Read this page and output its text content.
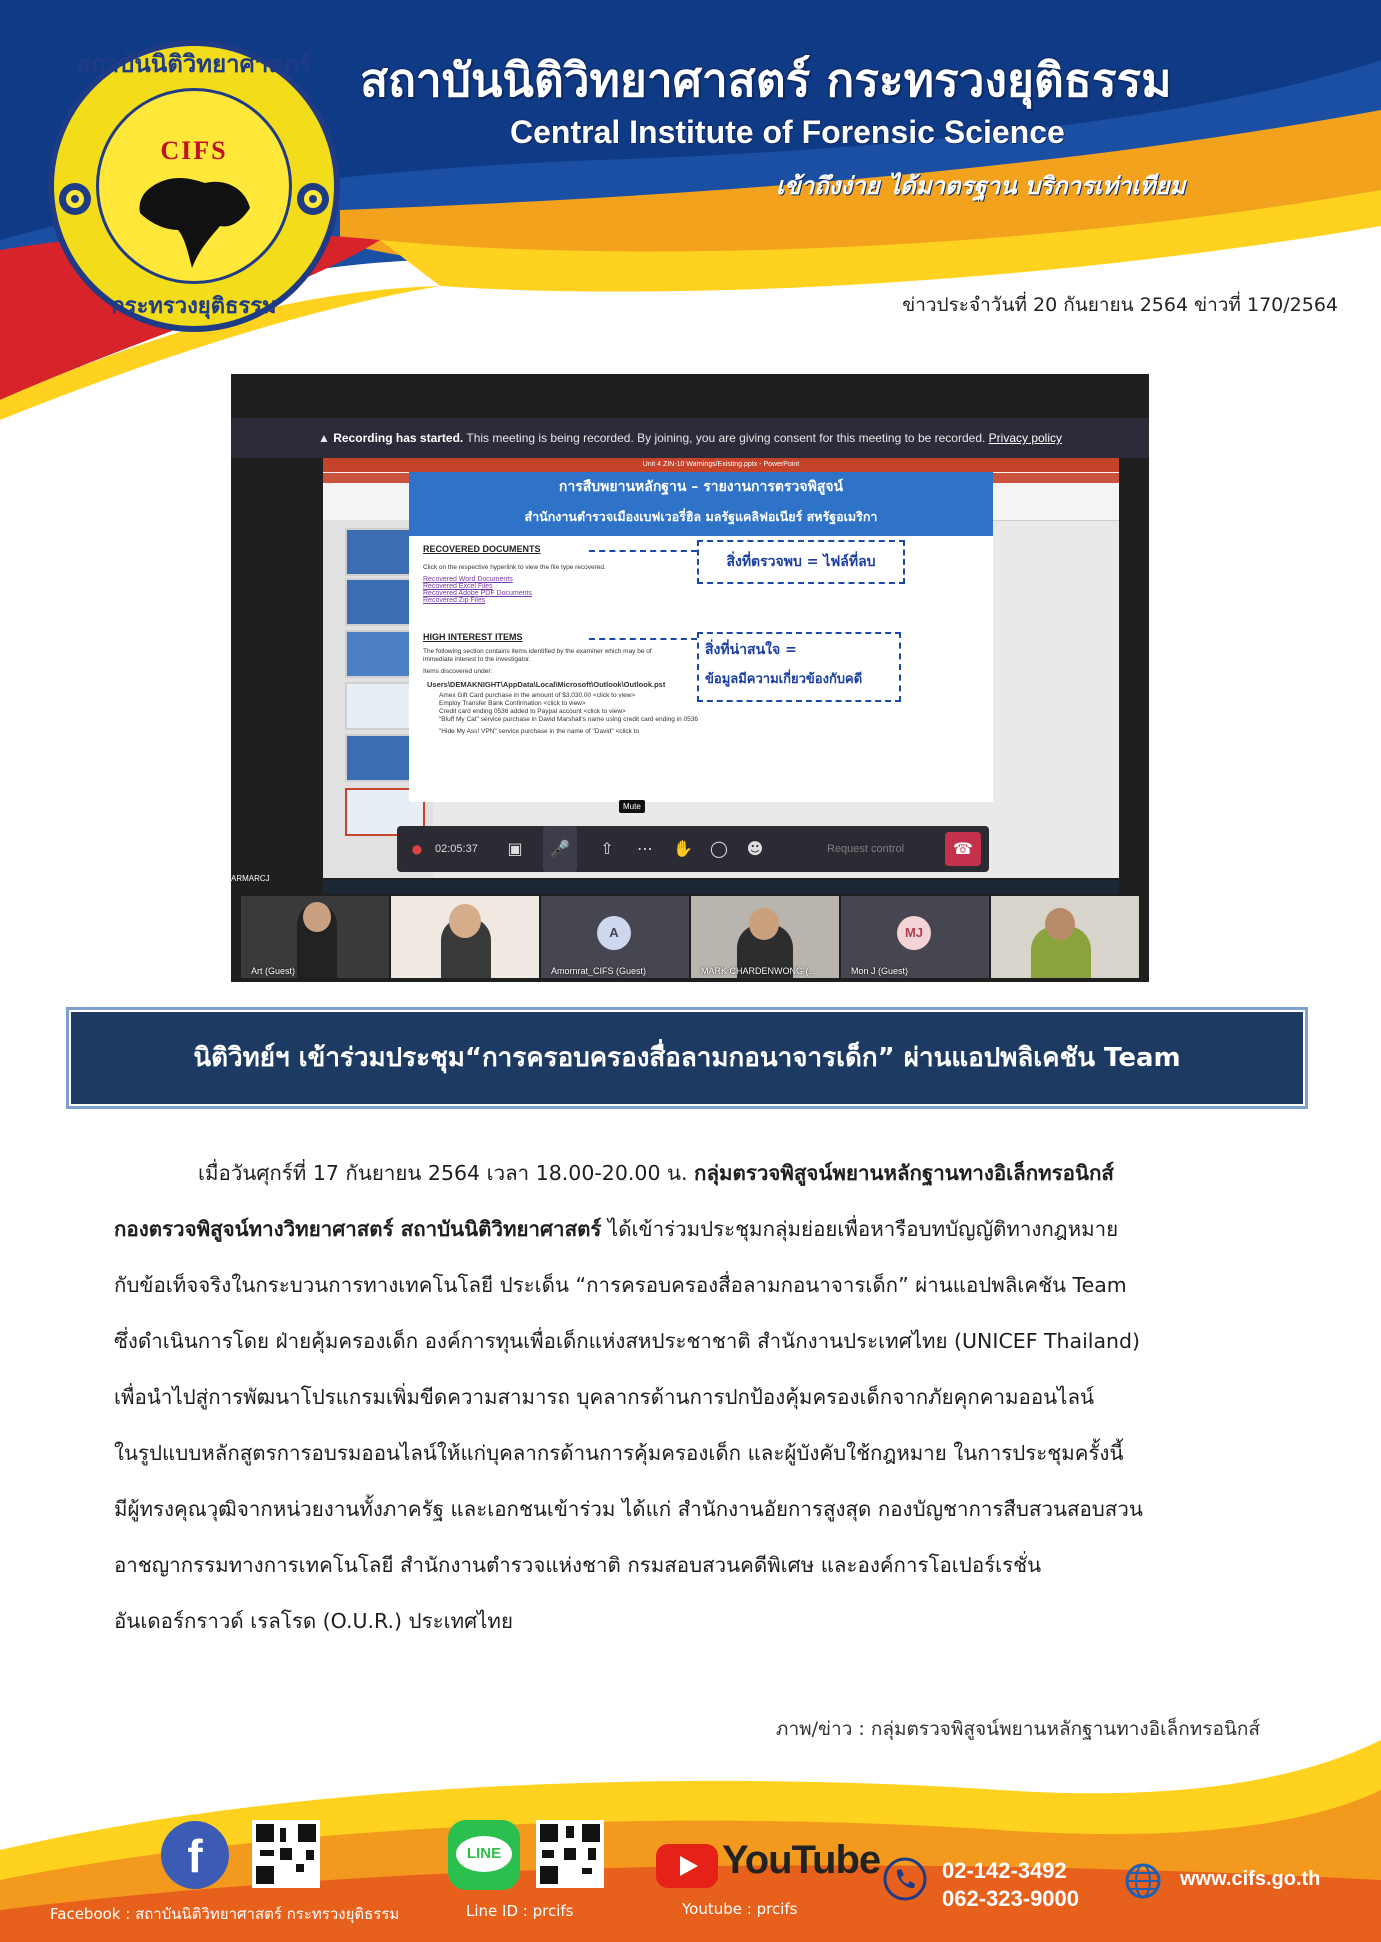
สถาบันนิติวิทยาศาสตร์
CIFS
กระทรวงยุติธรรม
สถาบันนิติวิทยาศาสตร์ กระทรวงยุติธรรม
Central Institute of Forensic Science
เข้าถึงง่าย ได้มาตรฐาน บริการเท่าเทียม
ข่าวประจำวันที่ 20 กันยายน 2564 ข่าวที่ 170/2564
▲ Recording has started. This meeting is being recorded. By joining, you are giving consent for this meeting to be recorded. Privacy policy
Unit 4 ZIN-10 Warnings/Existing.pptx - PowerPoint
การสืบพยานหลักฐาน – รายงานการตรวจพิสูจน์
สำนักงานตำรวจเมืองเบฟเวอรี่ฮิล มลรัฐแคลิฟอเนียร์ สหรัฐอเมริกา
RECOVERED DOCUMENTS
Click on the respective hyperlink to view the file type recovered.
Recovered Word Documents
Recovered Excel Files
Recovered Adobe PDF Documents
Recovered Zip Files
สิ่งที่ตรวจพบ = ไฟล์ที่ลบ
HIGH INTEREST ITEMS
The following section contains items identified by the examiner which may be of
immediate interest to the investigator.
Items discovered under:
Users\DEMAKNIGHT\AppData\Local\Microsoft\Outlook\Outlook.pst
Amex Gift Card purchase in the amount of $3,030.00 <click to view>
Employ Transfer Bank Confirmation <click to view>
Credit card ending 0536 added to Paypal account <click to view>
"Bluff My Cat" service purchase in David Marshall's name using credit card ending in 0536
"Hide My Ass! VPN" service purchase in the name of "David" <click to
สิ่งที่น่าสนใจ =
ข้อมูลมีความเกี่ยวข้องกับคดี
Mute
●	02:05:37	▣	🎤	⇧	⋯	✋	◯	☻	Request control	☎
ARMARCJ
Art (Guest)
A
Amornrat_CIFS (Guest)	MARK CHARDENWONG (...
MJ
Mon J (Guest)
นิติวิทย์ฯ เข้าร่วมประชุม“การครอบครองสื่อลามกอนาจารเด็ก” ผ่านแอปพลิเคชัน Team
เมื่อวันศุกร์ที่ 17 กันยายน 2564 เวลา 18.00-20.00 น. กลุ่มตรวจพิสูจน์พยานหลักฐานทางอิเล็กทรอนิกส์
กองตรวจพิสูจน์ทางวิทยาศาสตร์ สถาบันนิติวิทยาศาสตร์ ได้เข้าร่วมประชุมกลุ่มย่อยเพื่อหารือบทบัญญัติทางกฎหมาย
กับข้อเท็จจริงในกระบวนการทางเทคโนโลยี ประเด็น “การครอบครองสื่อลามกอนาจารเด็ก” ผ่านแอปพลิเคชัน Team
ซึ่งดำเนินการโดย ฝ่ายคุ้มครองเด็ก องค์การทุนเพื่อเด็กแห่งสหประชาชาติ สำนักงานประเทศไทย (UNICEF Thailand)
เพื่อนำไปสู่การพัฒนาโปรแกรมเพิ่มขีดความสามารถ บุคลากรด้านการปกป้องคุ้มครองเด็กจากภัยคุกคามออนไลน์
ในรูปแบบหลักสูตรการอบรมออนไลน์ให้แก่บุคลากรด้านการคุ้มครองเด็ก และผู้บังคับใช้กฎหมาย ในการประชุมครั้งนี้
มีผู้ทรงคุณวุฒิจากหน่วยงานทั้งภาครัฐ และเอกชนเข้าร่วม ได้แก่ สำนักงานอัยการสูงสุด กองบัญชาการสืบสวนสอบสวน
อาชญากรรมทางการเทคโนโลยี สำนักงานตำรวจแห่งชาติ กรมสอบสวนคดีพิเศษ และองค์การโอเปอร์เรชั่น
อันเดอร์กราวด์ เรลโรด (O.U.R.) ประเทศไทย
ภาพ/ข่าว : กลุ่มตรวจพิสูจน์พยานหลักฐานทางอิเล็กทรอนิกส์
f
Facebook : สถาบันนิติวิทยาศาสตร์ กระทรวงยุติธรรม
LINE
Line ID : prcifs
YouTube
Youtube : prcifs
02-142-3492
062-323-9000
www.cifs.go.th
